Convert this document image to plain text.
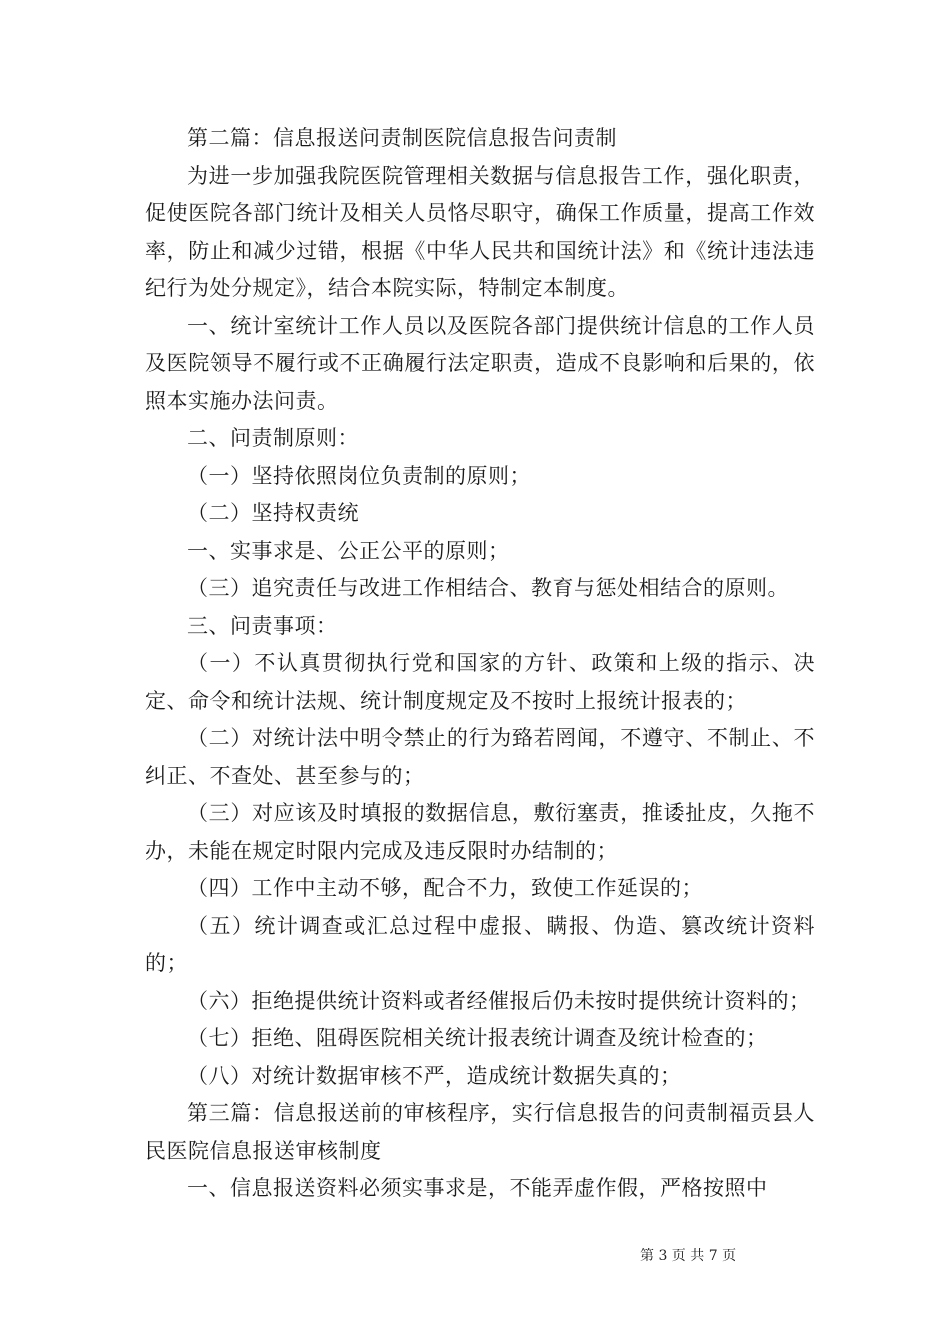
第二篇：信息报送问责制医院信息报告问责制

为进一步加强我院医院管理相关数据与信息报告工作，强化职责，促使医院各部门统计及相关人员恪尽职守，确保工作质量，提高工作效率，防止和减少过错，根据《中华人民共和国统计法》和《统计违法违纪行为处分规定》，结合本院实际，特制定本制度。

一、统计室统计工作人员以及医院各部门提供统计信息的工作人员及医院领导不履行或不正确履行法定职责，造成不良影响和后果的，依照本实施办法问责。

二、问责制原则：

（一）坚持依照岗位负责制的原则；

（二）坚持权责统

一、实事求是、公正公平的原则；

（三）追究责任与改进工作相结合、教育与惩处相结合的原则。

三、问责事项：

（一）不认真贯彻执行党和国家的方针、政策和上级的指示、决定、命令和统计法规、统计制度规定及不按时上报统计报表的；

（二）对统计法中明令禁止的行为臵若罔闻，不遵守、不制止、不纠正、不查处、甚至参与的；

（三）对应该及时填报的数据信息，敷衍塞责，推诿扯皮，久拖不办，未能在规定时限内完成及违反限时办结制的；

（四）工作中主动不够，配合不力，致使工作延误的；

（五）统计调查或汇总过程中虚报、瞒报、伪造、篡改统计资料的；

（六）拒绝提供统计资料或者经催报后仍未按时提供统计资料的；

（七）拒绝、阻碍医院相关统计报表统计调查及统计检查的；

（八）对统计数据审核不严，造成统计数据失真的；

第三篇：信息报送前的审核程序，实行信息报告的问责制福贡县人民医院信息报送审核制度

一、信息报送资料必须实事求是，不能弄虚作假，严格按照中

第 3 页 共 7 页
